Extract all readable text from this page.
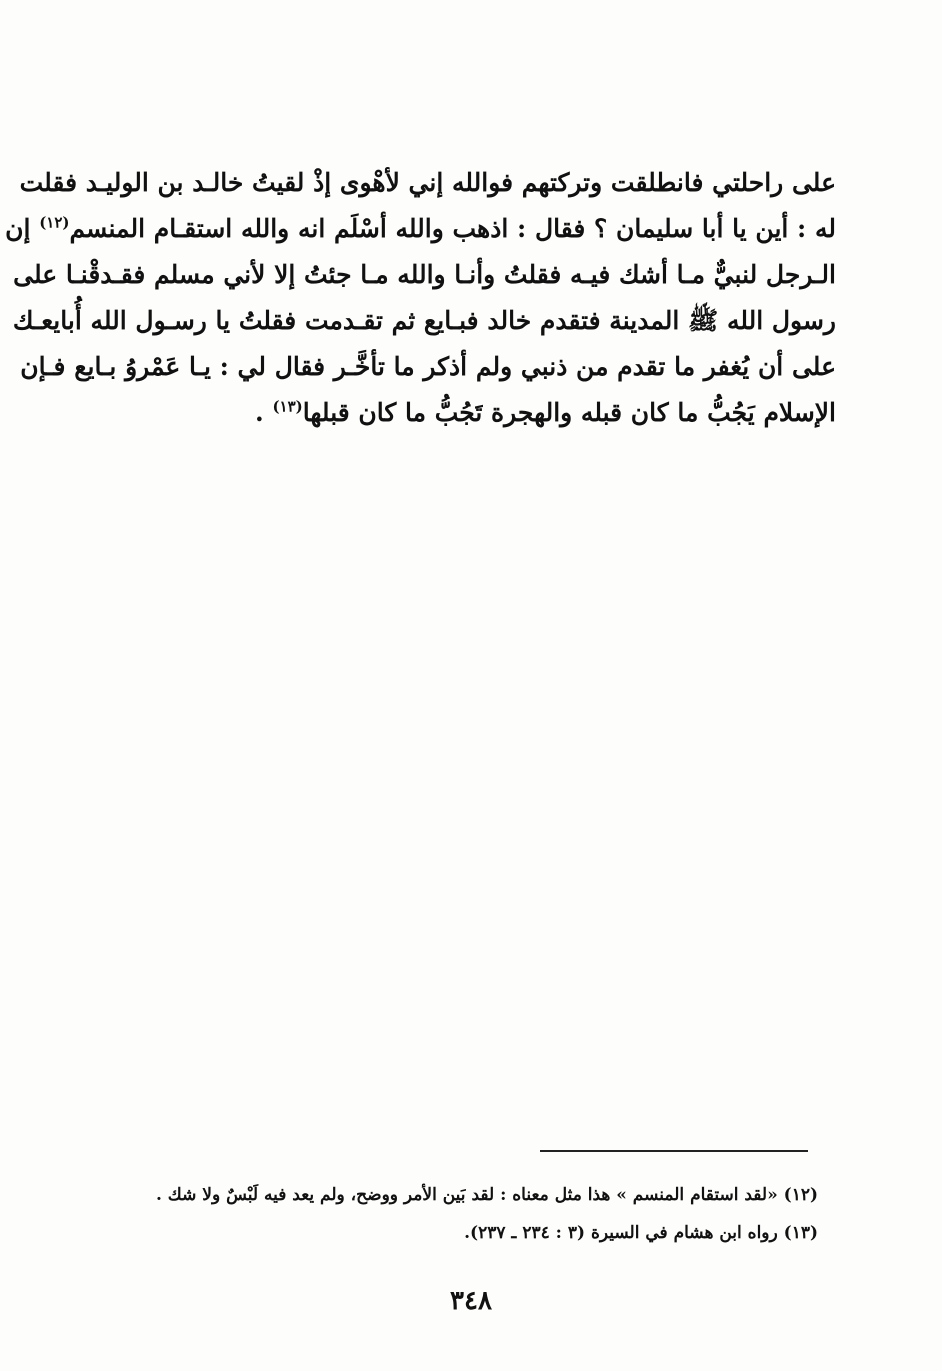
على راحلتي فانطلقت وتركتهم فوالله إني لأهْوى إذْ لقيتُ خالـد بن الوليـد فقلت
له : أين يا أبا سليمان ؟ فقال : اذهب والله أسْلَم انه والله استقـام المنسم$^{(١٢)}$ إن
الـرجل لنبيٌّ مـا أشك فيـه فقلتُ وأنـا والله مـا جئتُ إلا لأني مسلم فقـدقْنـا على
رسول الله ﷺ المدينة فتقدم خالد فبـايع ثم تقـدمت فقلتُ يا رسـول الله أُبايعـك
على أن يُغفر ما تقدم من ذنبي ولم أذكر ما تأخَّـر فقال لي : يـا عَمْروُ بـايع فـإن
الإسلام يَجُبُّ ما كان قبله والهجرة تَجُبُّ ما كان قبلها$^{(١٣)}$ .
(١٢) «لقد استقام المنسم » هذا مثل معناه : لقد بَين الأمر ووضح، ولم يعد فيه لَبْسٌ ولا شك .
(١٣) رواه ابن هشام في السيرة (٣ : ٢٣٤ ـ ٢٣٧).
٣٤٨
